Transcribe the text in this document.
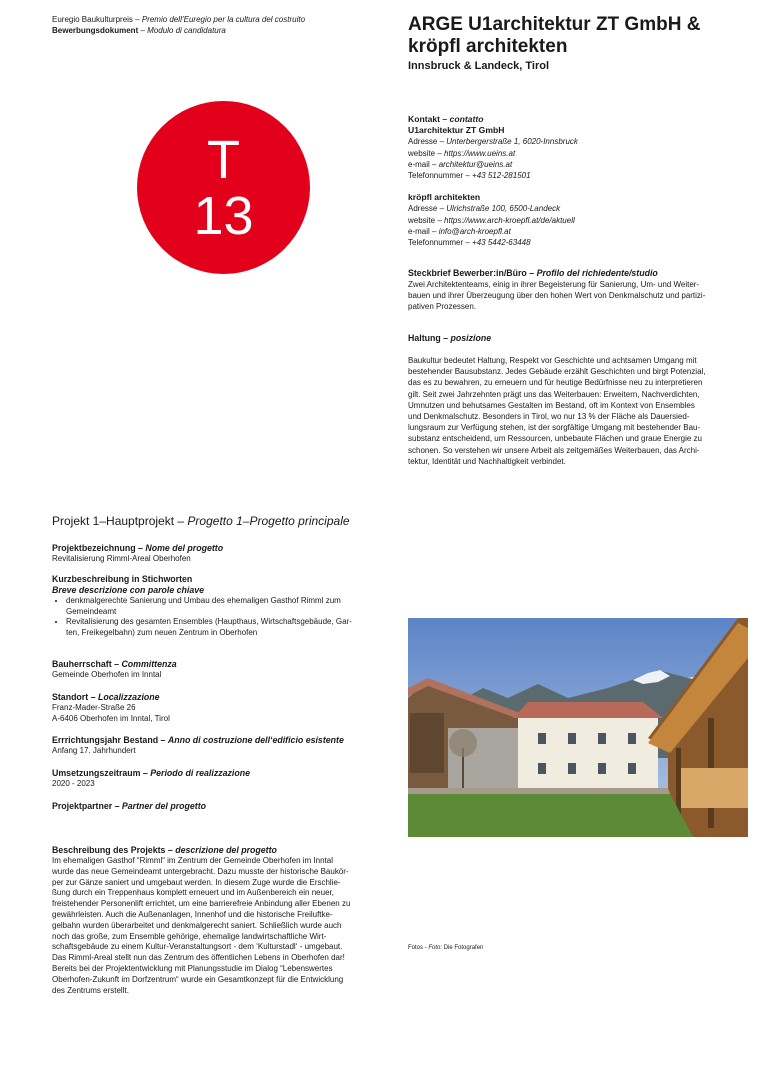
Euregio Baukulturpreis – Premio dell’Euregio per la cultura del costruito
Bewerbungsdokument – Modulo di candidatura
T
13
ARGE U1architektur ZT GmbH &
kröpfl architekten
Innsbruck & Landeck, Tirol
Kontakt – contatto

U1architektur ZT GmbH

Adresse – Unterbergerstraße 1, 6020-Innsbruck

website – https://www.ueins.at

e-mail – architektur@ueins.at

Telefonnummer – +43 512-281501

kröpfl architekten

Adresse – Ulrichstraße 100, 6500-Landeck

website – https://www.arch-kroepfl.at/de/aktuell

e-mail – info@arch-kroepfl.at

Telefonnummer – +43 5442-63448

Steckbrief Bewerber:in/Büro – Profilo del richiedente/studio

Zwei Architektenteams, einig in ihrer Begeisterung für Sanierung, Um- und Weiter-

bauen und ihrer Überzeugung über den hohen Wert von Denkmalschutz und partizi-

pativen Prozessen.

Haltung – posizione

Baukultur bedeutet Haltung, Respekt vor Geschichte und achtsamen Umgang mit

bestehender Bausubstanz. Jedes Gebäude erzählt Geschichten und birgt Potenzial,

das es zu bewahren, zu erneuern und für heutige Bedürfnisse neu zu interpretieren

gilt. Seit zwei Jahrzehnten prägt uns das Weiterbauen: Erweitern, Nachverdichten,

Umnutzen und behutsames Gestalten im Bestand, oft im Kontext von Ensembles

und Denkmalschutz. Besonders in Tirol, wo nur 13 % der Fläche als Dauersied-

lungsraum zur Verfügung stehen, ist der sorgfältige Umgang mit bestehender Bau-

substanz entscheidend, um Ressourcen, unbebaute Flächen und graue Energie zu

schonen. So verstehen wir unsere Arbeit als zeitgemäßes Weiterbauen, das Archi-

tektur, Identität und Nachhaltigkeit verbindet.

Projekt 1–Hauptprojekt – Progetto 1–Progetto principale
Projektbezeichnung – Nome del progetto

Revitalisierung Rimml-Areal Oberhofen

Kurzbeschreibung in Stichworten
Breve descrizione con parole chiave
• denkmalgerechte Sanierung und Umbau des ehemaligen Gasthof Rimml zum
Gemeindeamt
• Revitalisierung des gesamten Ensembles (Haupthaus, Wirtschaftsgebäude, Gar-
ten, Freikegelbahn) zum neuen Zentrum in Oberhofen
Bauherrschaft – Committenza

Gemeinde Oberhofen im Inntal

Standort – Localizzazione

Franz-Mader-Straße 26

A-6406 Oberhofen im Inntal, Tirol

Errrichtungsjahr Bestand – Anno di costruzione dell‘edificio esistente

Anfang 17. Jahrhundert

Umsetzungszeitraum – Periodo di realizzazione

2020 - 2023

Projektpartner – Partner del progetto
Beschreibung des Projekts – descrizione del progetto

Im ehemaligen Gasthof “Rimml“ im Zentrum der Gemeinde Oberhofen im Inntal

wurde das neue Gemeindeamt untergebracht. Dazu musste der historische Baukör-

per zur Gänze saniert und umgebaut werden. In diesem Zuge wurde die Erschlie-

ßung durch ein Treppenhaus komplett erneuert und im Außenbereich ein neuer,

freistehender Personenlift errichtet, um eine barrierefreie Anbindung aller Ebenen zu

gewährleisten. Auch die Außenanlagen, Innenhof und die historische Freiluftke-

gelbahn wurden überarbeitet und denkmalgerecht saniert. Schließlich wurde auch

noch das große, zum Ensemble gehörige, ehemalige landwirtschaftliche Wirt-

schaftsgebäude zu einem Kultur-Veranstaltungsort - dem ‘Kulturstadl‘ - umgebaut.

Das Rimml-Areal stellt nun das Zentrum des öffentlichen Lebens in Oberhofen dar!

Bereits bei der Projektentwicklung mit Planungsstudie im Dialog “Lebenswertes

Oberhofen-Zukunft im Dorfzentrum“ wurde ein Gesamtkonzept für die Entwicklung

des Zentrums erstellt.

Fotos - Foto: Die Fotografen
